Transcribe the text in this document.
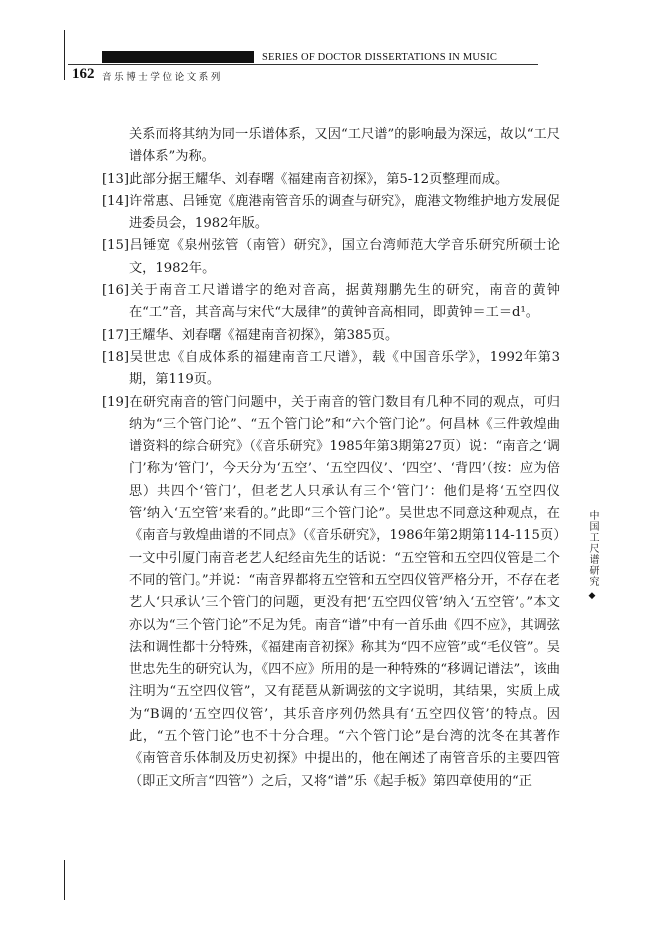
SERIES OF DOCTOR DISSERTATIONS IN MUSIC
162 音乐博士学位论文系列

关系而将其纳为同一乐谱体系，又因“工尺谱”的影响最为深远，故以“工尺谱体系”为称。

[13]此部分据王耀华、刘春曙《福建南音初探》，第5-12页整理而成。

[14]许常惠、吕锤宽《鹿港南管音乐的调查与研究》，鹿港文物维护地方发展促进委员会，1982年版。

[15]吕锤宽《泉州弦管（南管）研究》，国立台湾师范大学音乐研究所硕士论文，1982年。

[16]关于南音工尺谱谱字的绝对音高，据黄翔鹏先生的研究，南音的黄钟在“工”音，其音高与宋代“大晟律”的黄钟音高相同，即黄钟＝工＝d¹。

[17]王耀华、刘春曙《福建南音初探》，第385页。

[18]吴世忠《自成体系的福建南音工尺谱》，载《中国音乐学》，1992年第3期，第119页。

[19]在研究南音的管门问题中，关于南音的管门数目有几种不同的观点，可归纳为“三个管门论”、“五个管门论”和“六个管门论”。何昌林《三件敦煌曲谱资料的综合研究》（《音乐研究》1985年第3期第27页）说：“南音之‘调门’称为‘管门’，今天分为‘五空’、‘五空四仪’、‘四空’、‘背四’（按：应为倍思）共四个‘管门’，但老艺人只承认有三个‘管门’：他们是将‘五空四仪管’纳入‘五空管’来看的。”此即“三个管门论”。吴世忠不同意这种观点，在《南音与敦煌曲谱的不同点》（《音乐研究》，1986年第2期第114-115页）一文中引厦门南音老艺人纪经亩先生的话说：“五空管和五空四仪管是二个不同的管门。”并说：“南音界都将五空管和五空四仪管严格分开，不存在老艺人‘只承认’三个管门的问题，更没有把‘五空四仪管’纳入‘五空管’。”本文亦以为“三个管门论”不足为凭。南音“谱”中有一首乐曲《四不应》，其调弦法和调性都十分特殊，《福建南音初探》称其为“四不应管”或“毛仪管”。吴世忠先生的研究认为，《四不应》所用的是一种特殊的“移调记谱法”，该曲注明为“五空四仪管”，又有琵琶从新调弦的文字说明，其结果，实质上成为“B调的‘五空四仪管’，其乐音序列仍然具有‘五空四仪管’的特点。因此，“五个管门论”也不十分合理。“六个管门论”是台湾的沈冬在其著作《南管音乐体制及历史初探》中提出的，他在阐述了南管音乐的主要四管（即正文所言“四管”）之后，又将“谱”乐《起手板》第四章使用的“正

中国工尺谱研究 ◆
